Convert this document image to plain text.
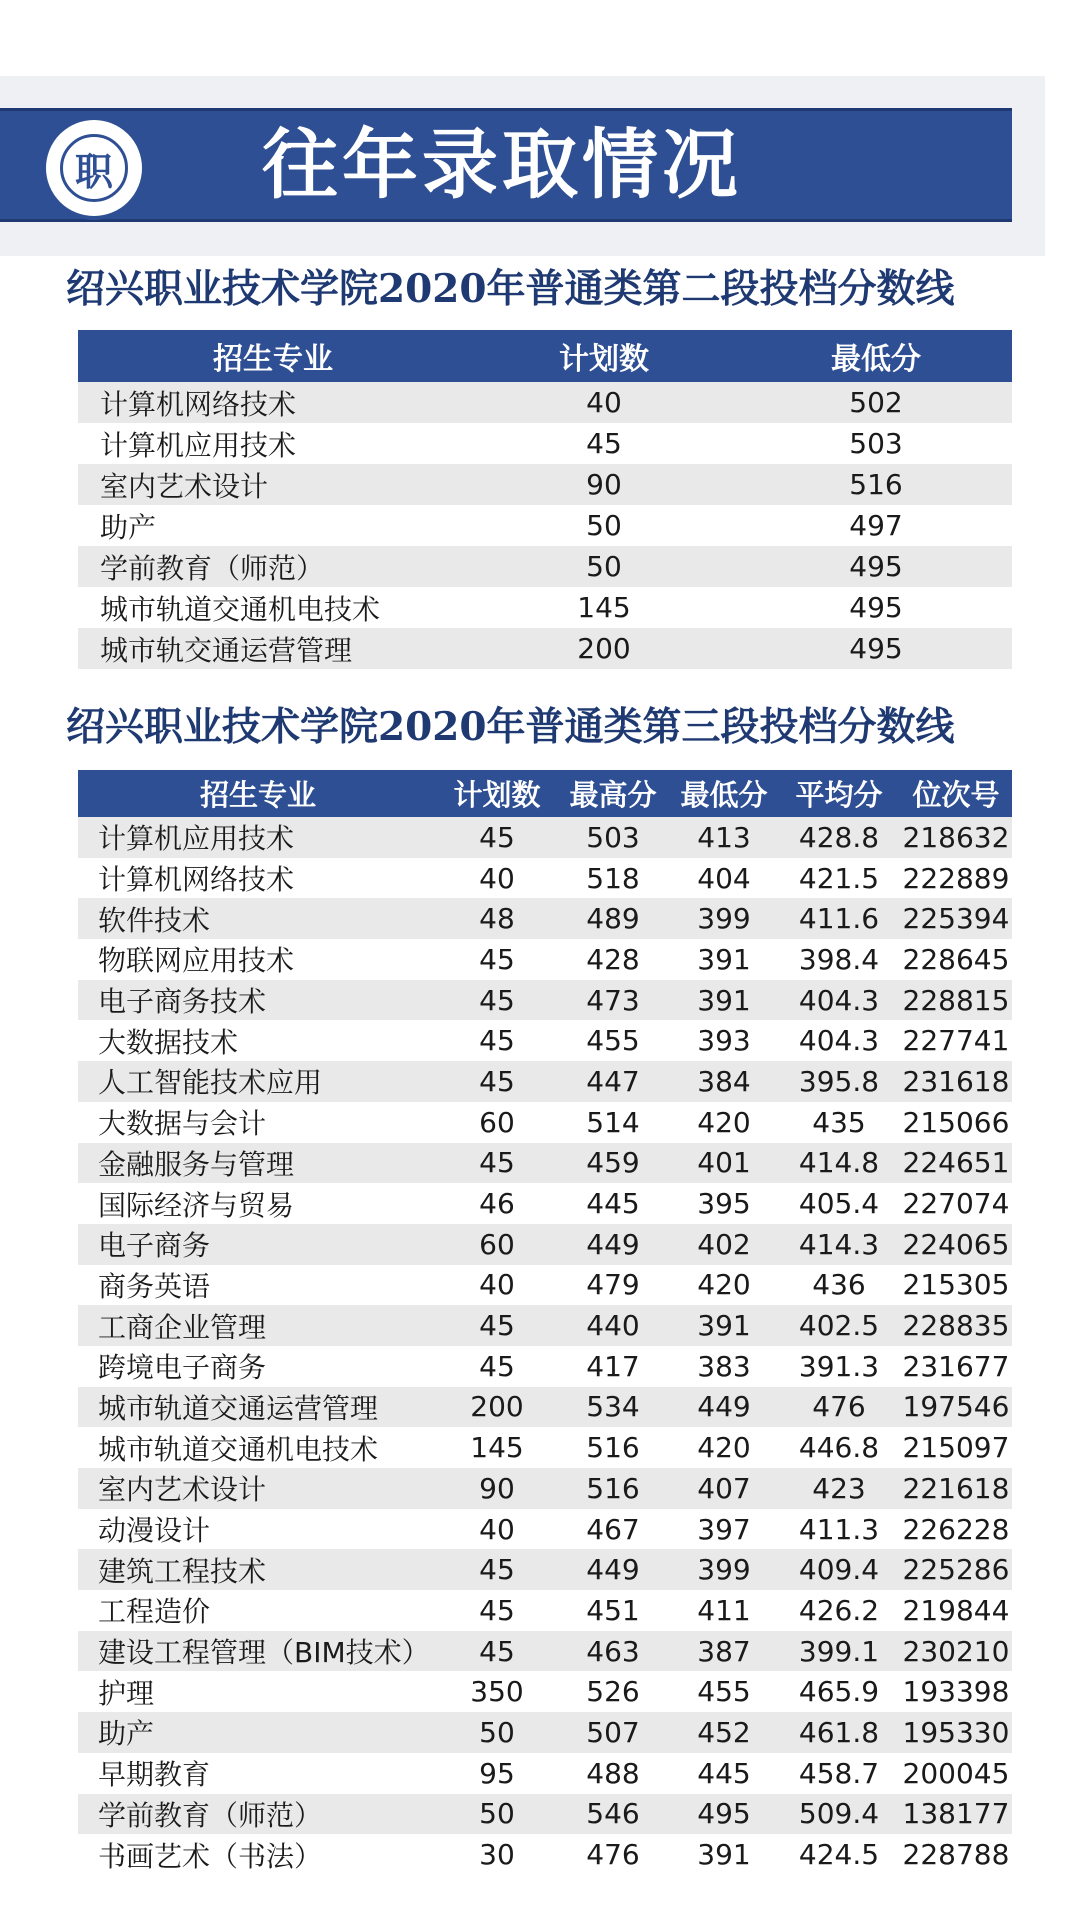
职	往年录取情况
绍兴职业技术学院2020年普通类第二段投档分数线
招生专业	计划数	最低分
计算机网络技术	40	502
计算机应用技术	45	503
室内艺术设计	90	516
助产	50	497
学前教育（师范）	50	495
城市轨道交通机电技术	145	495
城市轨交通运营管理	200	495
绍兴职业技术学院2020年普通类第三段投档分数线
招生专业	计划数	最高分	最低分	平均分	位次号
计算机应用技术	45	503	413	428.8	218632
计算机网络技术	40	518	404	421.5	222889
软件技术	48	489	399	411.6	225394
物联网应用技术	45	428	391	398.4	228645
电子商务技术	45	473	391	404.3	228815
大数据技术	45	455	393	404.3	227741
人工智能技术应用	45	447	384	395.8	231618
大数据与会计	60	514	420	435	215066
金融服务与管理	45	459	401	414.8	224651
国际经济与贸易	46	445	395	405.4	227074
电子商务	60	449	402	414.3	224065
商务英语	40	479	420	436	215305
工商企业管理	45	440	391	402.5	228835
跨境电子商务	45	417	383	391.3	231677
城市轨道交通运营管理	200	534	449	476	197546
城市轨道交通机电技术	145	516	420	446.8	215097
室内艺术设计	90	516	407	423	221618
动漫设计	40	467	397	411.3	226228
建筑工程技术	45	449	399	409.4	225286
工程造价	45	451	411	426.2	219844
建设工程管理（BIM技术）	45	463	387	399.1	230210
护理	350	526	455	465.9	193398
助产	50	507	452	461.8	195330
早期教育	95	488	445	458.7	200045
学前教育（师范）	50	546	495	509.4	138177
书画艺术（书法）	30	476	391	424.5	228788
